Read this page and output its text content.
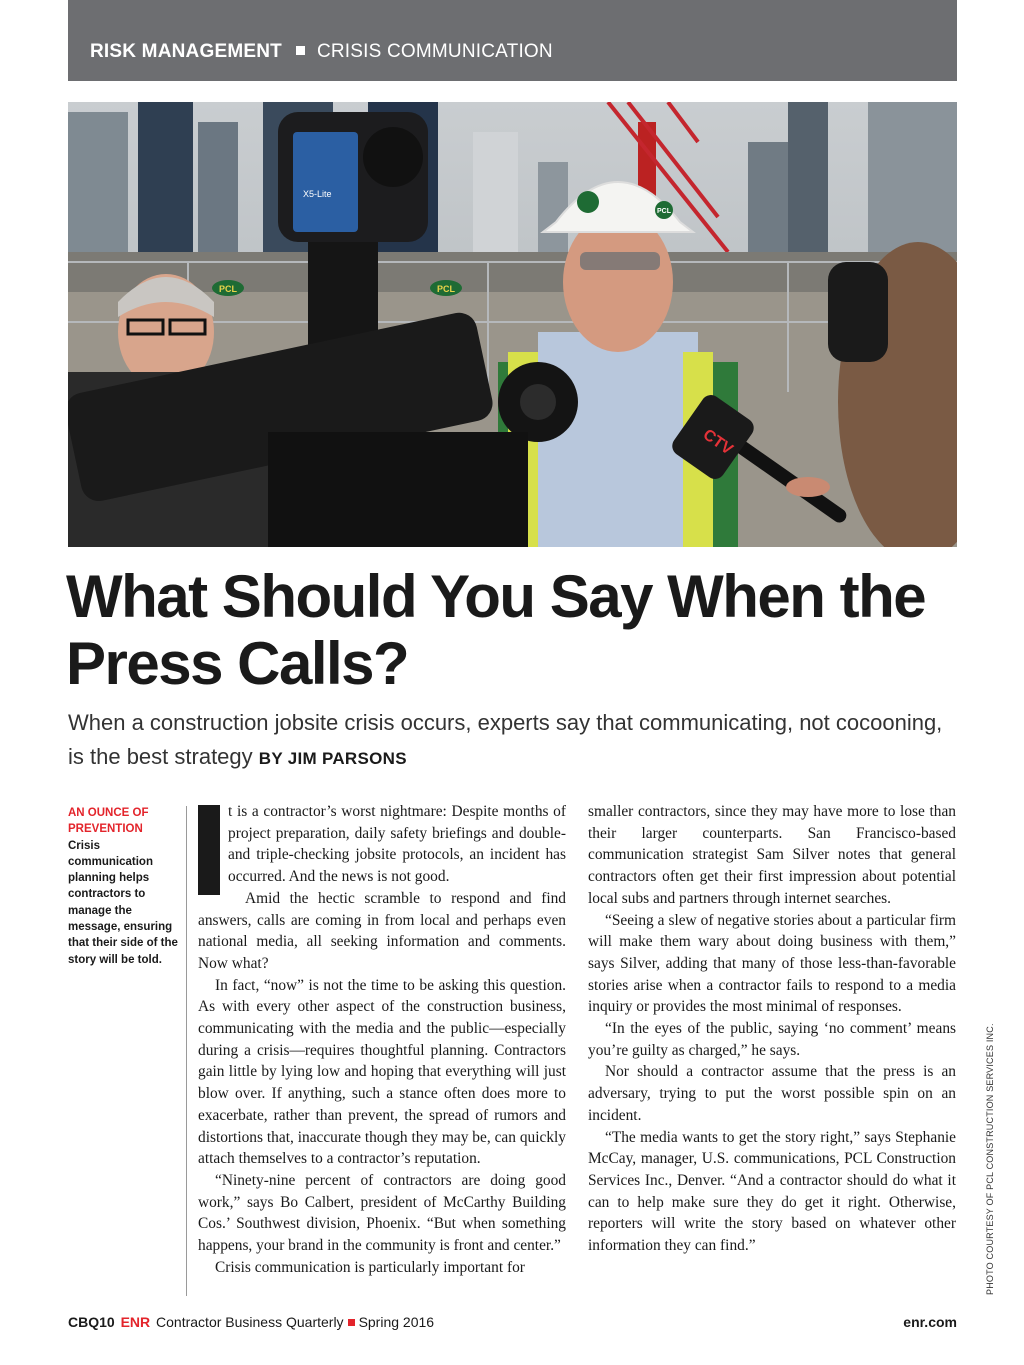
RISK MANAGEMENT CRISIS COMMUNICATION
PCL	PCL
PCL
X5-Lite
CTV
What Should You Say When the Press Calls?
When a construction jobsite crisis occurs, experts say that communicating, not cocooning, is the best strategy BY JIM PARSONS
AN OUNCE OF PREVENTION
Crisis communication planning helps contractors to manage the message, ensuring that their side of the story will be told.

t is a contractor’s worst nightmare: Despite months of project preparation, daily safety briefings and double- and triple-checking jobsite protocols, an incident has occurred. And the news is not good.

Amid the hectic scramble to respond and find answers, calls are coming in from local and perhaps even national media, all seeking information and comments. Now what?

In fact, “now” is not the time to be asking this question. As with every other aspect of the construction business, communicating with the media and the public—especially during a crisis—requires thoughtful planning. Contractors gain little by lying low and hoping that everything will just blow over. If anything, such a stance often does more to exacerbate, rather than prevent, the spread of rumors and distortions that, inaccurate though they may be, can quickly attach themselves to a contractor’s reputation.

“Ninety-nine percent of contractors are doing good work,” says Bo Calbert, president of McCarthy Building Cos.’ Southwest division, Phoenix. “But when something happens, your brand in the community is front and center.”

Crisis communication is particularly important for

smaller contractors, since they may have more to lose than their larger counterparts. San Francisco-based communication strategist Sam Silver notes that general contractors often get their first impression about potential local subs and partners through internet searches.

“Seeing a slew of negative stories about a particular firm will make them wary about doing business with them,” says Silver, adding that many of those less-than-favorable stories arise when a contractor fails to respond to a media inquiry or provides the most minimal of responses.

“In the eyes of the public, saying ‘no comment’ means you’re guilty as charged,” he says.

Nor should a contractor assume that the press is an adversary, trying to put the worst possible spin on an incident.

“The media wants to get the story right,” says Stephanie McCay, manager, U.S. communications, PCL Construction Services Inc., Denver. “And a contractor should do what it can to help make sure they do get it right. Otherwise, reporters will write the story based on whatever other information they can find.”	PHOTO COURTESY OF PCL CONSTRUCTION SERVICES INC.
CBQ10 ENR Contractor Business Quarterly Spring 2016	enr.com
